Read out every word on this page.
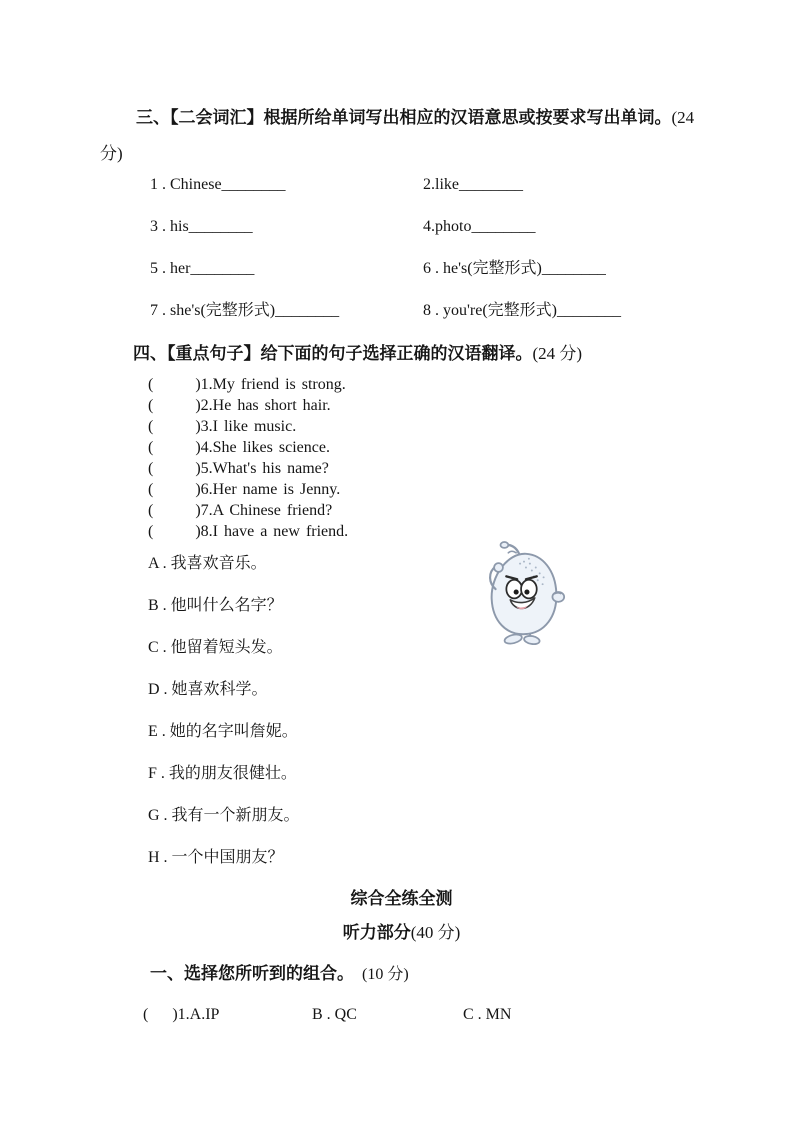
三、【二会词汇】根据所给单词写出相应的汉语意思或按要求写出单词。(24
分)

1 . Chinese________	2.like________
3 . his________	4.photo________
5 . her________	6 . he's(完整形式)________
7 . she's(完整形式)________	8 . you're(完整形式)________

四、【重点句子】给下面的句子选择正确的汉语翻译。(24 分)

(       )1.My friend is strong.
(       )2.He has short hair.
(       )3.I like music.
(       )4.She likes science.
(       )5.What's his name?
(       )6.Her name is Jenny.
(       )7.A Chinese friend?
(       )8.I have a new friend.
A . 我喜欢音乐。
B . 他叫什么名字？
C . 他留着短头发。
D . 她喜欢科学。
E . 她的名字叫詹妮。
F . 我的朋友很健壮。
G . 我有一个新朋友。
H . 一个中国朋友？

综合全练全测

听力部分(40 分)

一、选择您所听到的组合。 (10 分)

(      )1.A.IP	B . QC	C . MN
